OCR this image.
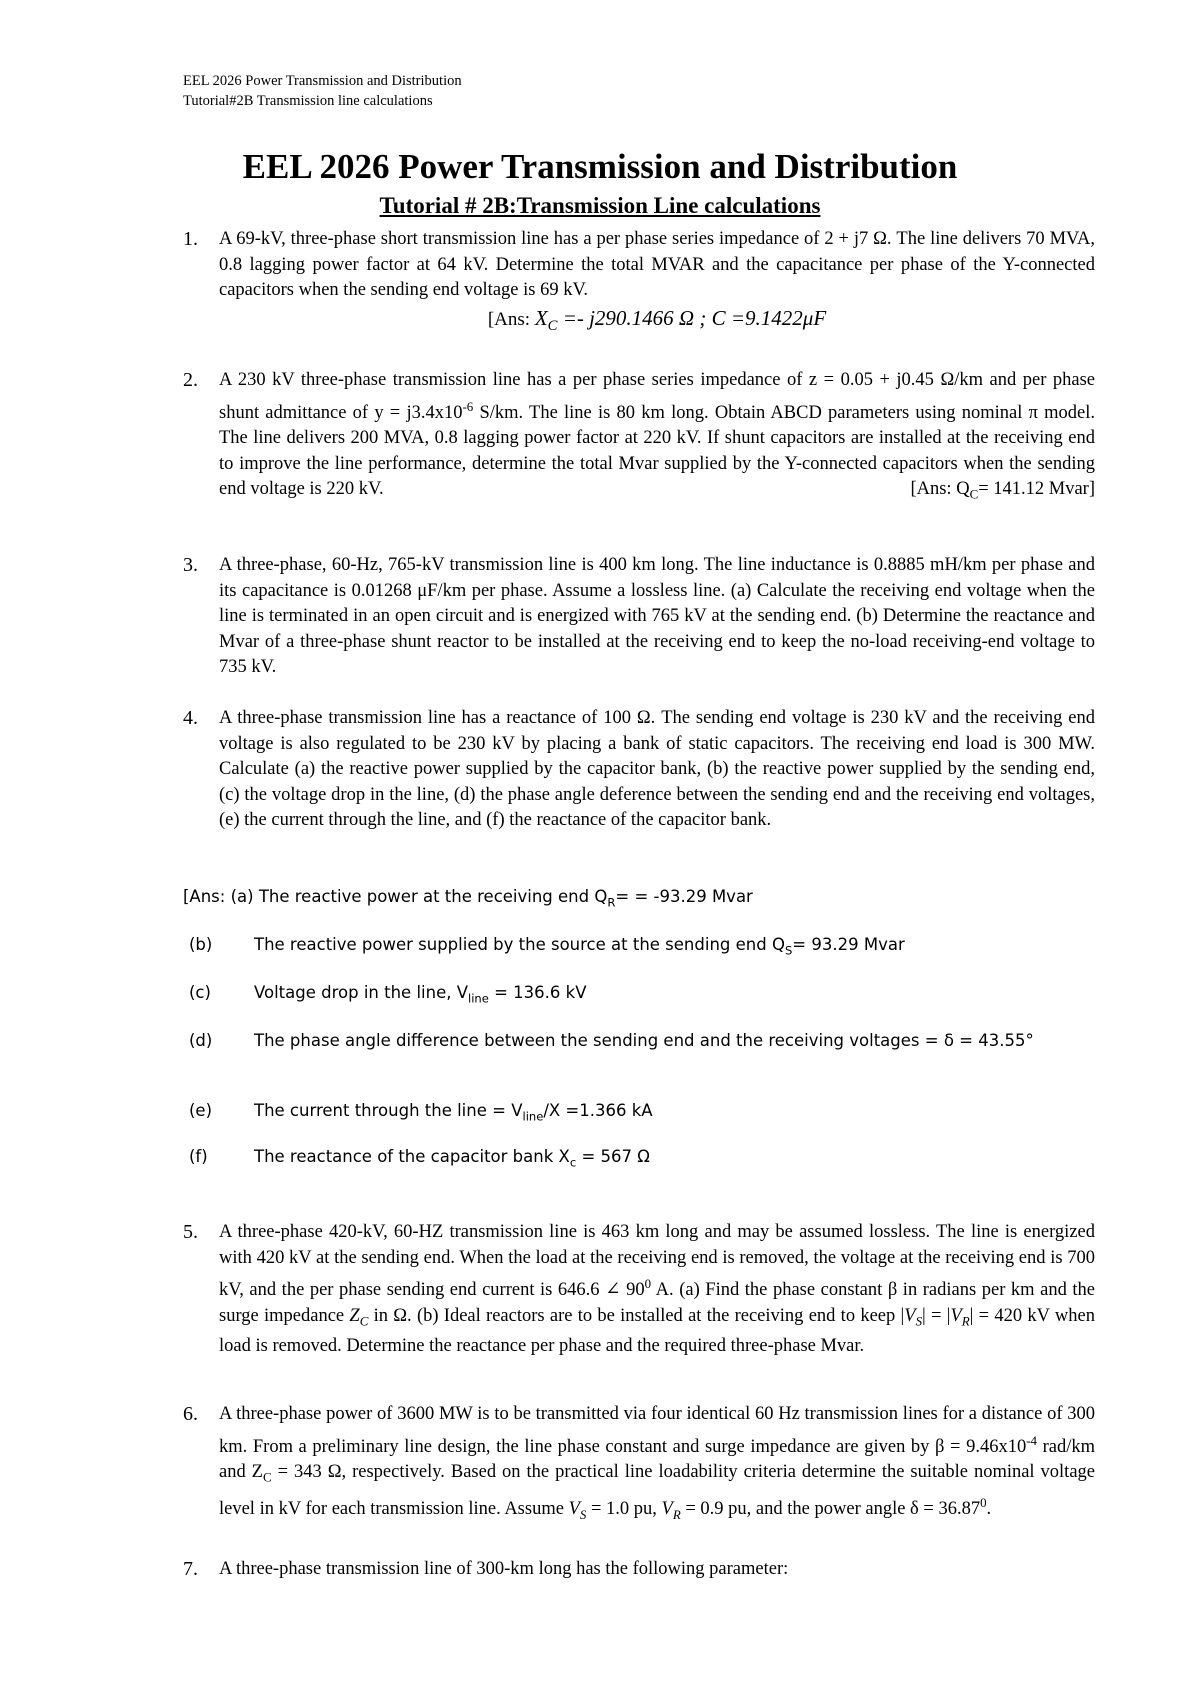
EEL 2026 Power Transmission and Distribution
Tutorial#2B Transmission line calculations
EEL 2026 Power Transmission and Distribution
Tutorial # 2B:Transmission Line calculations
1. A 69-kV, three-phase short transmission line has a per phase series impedance of 2 + j7 Ω. The line delivers 70 MVA, 0.8 lagging power factor at 64 kV. Determine the total MVAR and the capacitance per phase of the Y-connected capacitors when the sending end voltage is 69 kV.
[Ans: $X_C =- j290.1466$ Ω ; C =9.1422μF
2. A 230 kV three-phase transmission line has a per phase series impedance of z = 0.05 + j0.45 Ω/km and per phase shunt admittance of $y = j3.4x10^{-6}$ S/km. The line is 80 km long. Obtain ABCD parameters using nominal π model. The line delivers 200 MVA, 0.8 lagging power factor at 220 kV. If shunt capacitors are installed at the receiving end to improve the line performance, determine the total Mvar supplied by the Y-connected capacitors when the sending end voltage is 220 kV.	[Ans: $Q_C= 141.12$ Mvar]
3. A three-phase, 60-Hz, 765-kV transmission line is 400 km long. The line inductance is 0.8885 mH/km per phase and its capacitance is 0.01268 μF/km per phase. Assume a lossless line. (a) Calculate the receiving end voltage when the line is terminated in an open circuit and is energized with 765 kV at the sending end. (b) Determine the reactance and Mvar of a three-phase shunt reactor to be installed at the receiving end to keep the no-load receiving-end voltage to 735 kV.
4. A three-phase transmission line has a reactance of 100 Ω. The sending end voltage is 230 kV and the receiving end voltage is also regulated to be 230 kV by placing a bank of static capacitors. The receiving end load is 300 MW. Calculate (a) the reactive power supplied by the capacitor bank, (b) the reactive power supplied by the sending end, (c) the voltage drop in the line, (d) the phase angle deference between the sending end and the receiving end voltages, (e) the current through the line, and (f) the reactance of the capacitor bank.
[Ans: (a) The reactive power at the receiving end $Q_R= = -93.29$ Mvar
(b)	The reactive power supplied by the source at the sending end $Q_S= 93.29$ Mvar
(c)	Voltage drop in the line, $V_{line} = 136.6$ kV
(d)	The phase angle difference between the sending end and the receiving voltages = δ = 43.55°
(e)	The current through the line = $V_{line}/X =1.366$ kA
(f)	The reactance of the capacitor bank $X_c = 567$ Ω
5. A three-phase 420-kV, 60-HZ transmission line is 463 km long and may be assumed lossless. The line is energized with 420 kV at the sending end. When the load at the receiving end is removed, the voltage at the receiving end is 700 kV, and the per phase sending end current is 646.6 ∠ $90^0$ A. (a) Find the phase constant β in radians per km and the surge impedance $Z_C$ in Ω. (b) Ideal reactors are to be installed at the receiving end to keep $|V_S| = |V_R| = 420$ kV when load is removed. Determine the reactance per phase and the required three-phase Mvar.
6. A three-phase power of 3600 MW is to be transmitted via four identical 60 Hz transmission lines for a distance of 300 km. From a preliminary line design, the line phase constant and surge impedance are given by $\beta = 9.46x10^{-4}$ rad/km and $Z_C = 343$ Ω, respectively. Based on the practical line loadability criteria determine the suitable nominal voltage level in kV for each transmission line. Assume $V_S = 1.0$ pu, $V_R = 0.9$ pu, and the power angle $\delta = 36.87^0$.
7. A three-phase transmission line of 300-km long has the following parameter:
